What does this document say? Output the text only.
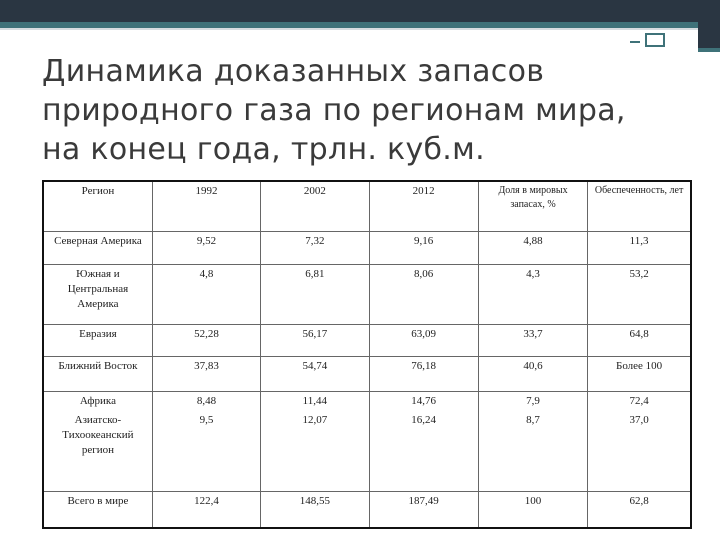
Динамика доказанных запасов
природного газа по регионам мира,
на конец года, трлн. куб.м.
Регион	1992	2002	2012	Доля в мировых запасах, %	Обеспеченность, лет
Северная Америка	9,52	7,32	9,16	4,88	11,3
Южная и Центральная Америка	4,8	6,81	8,06	4,3	53,2
Евразия	52,28	56,17	63,09	33,7	64,8
Ближний Восток	37,83	54,74	76,18	40,6	Более 100
Африка	8,48	11,44	14,76	7,9	72,4
Азиатско-Тихоокеанский регион	9,5	12,07	16,24	8,7	37,0
Всего в мире	122,4	148,55	187,49	100	62,8
